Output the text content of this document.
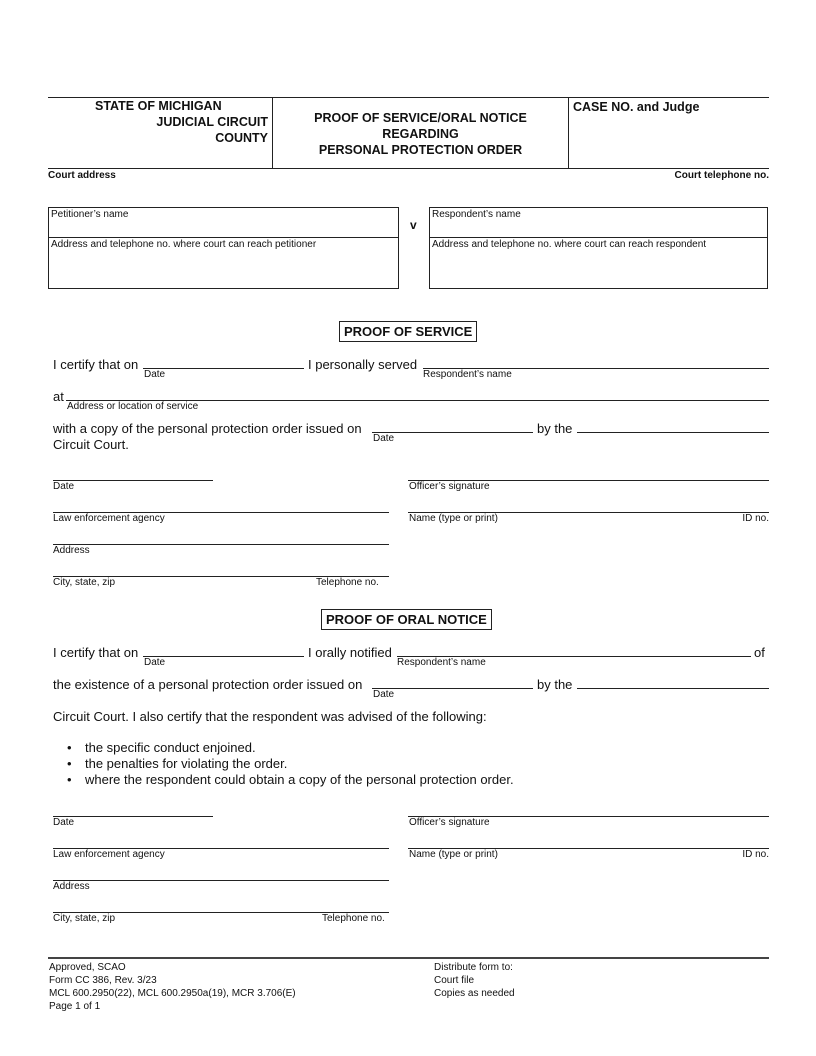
STATE OF MICHIGAN
JUDICIAL CIRCUIT
COUNTY
PROOF OF SERVICE/ORAL NOTICE
REGARDING
PERSONAL PROTECTION ORDER
CASE NO. and Judge
Court address	Court telephone no.
Petitioner’s name
Address and telephone no. where court can reach petitioner
v
Respondent’s name
Address and telephone no. where court can reach respondent
PROOF OF SERVICE
I certify that on
Date
I personally served
Respondent’s name
at
Address or location of service
with a copy of the personal protection order issued on
Date
by the
Circuit Court.
Date	Officer’s signature
Law enforcement agency	Name (type or print)	ID no.
Address
City, state, zip	Telephone no.
PROOF OF ORAL NOTICE
I certify that on
Date
I orally notified
Respondent’s name
of
the existence of a personal protection order issued on
Date
by the
Circuit Court. I also certify that the respondent was advised of the following:
• the specific conduct enjoined.
• the penalties for violating the order.
• where the respondent could obtain a copy of the personal protection order.
Date	Officer’s signature
Law enforcement agency	Name (type or print)	ID no.
Address
City, state, zip	Telephone no.
Approved, SCAO
Form CC 386, Rev. 3/23
MCL 600.2950(22), MCL 600.2950a(19), MCR 3.706(E)
Page 1 of 1
Distribute form to:
Court file
Copies as needed
